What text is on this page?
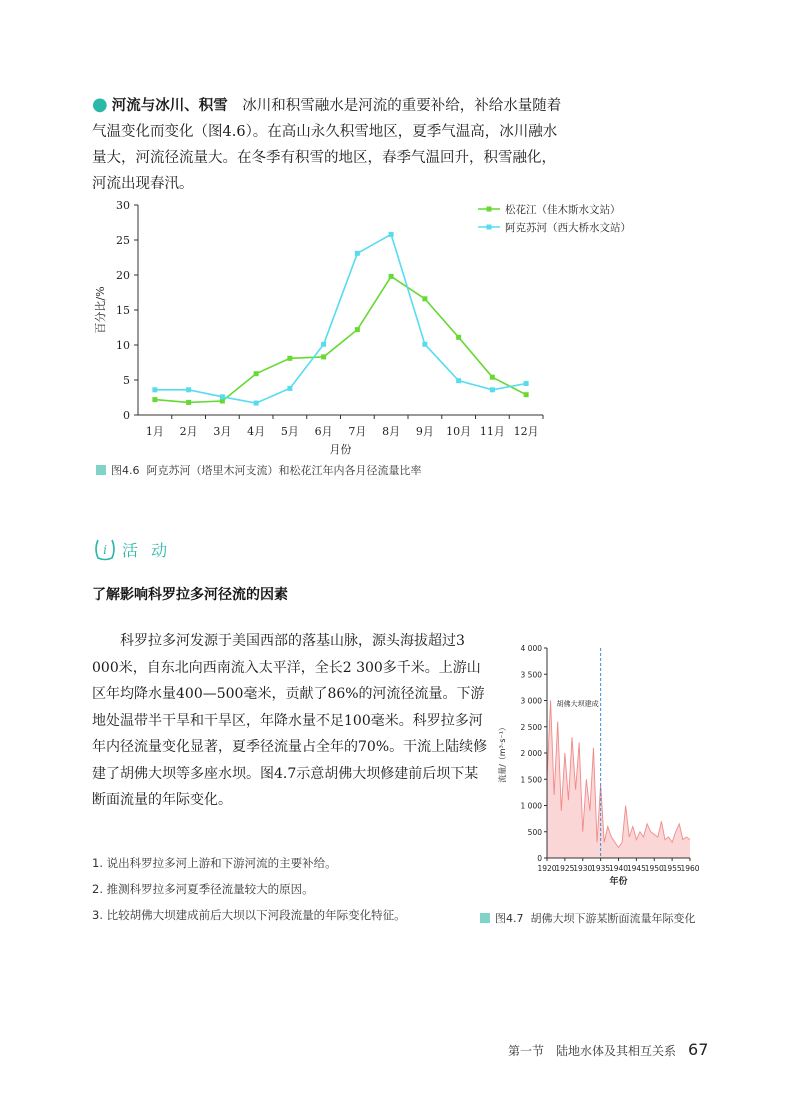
● 河流与冰川、积雪　 冰川和积雪融水是河流的重要补给，补给水量随着气温变化而变化（图4.6）。在高山永久积雪地区，夏季气温高，冰川融水量大，河流径流量大。在冬季有积雪的地区，春季气温回升，积雪融化，河流出现春汛。

0
5
10
15
20
25
30
1月 2月 3月 4月 5月 6月 7月 8月 9月 10月 11月 12月
月份
百分比/%
松花江（佳木斯水文站）
阿克苏河（西大桥水文站）
图4.6
阿克苏河（塔里木河支流）和松花江年内各月径流量比率
i 活 动

了解影响科罗拉多河径流的因素

科罗拉多河发源于美国西部的落基山脉，源头海拔超过3 000米，自东北向西南流入太平洋，全长2 300多千米。上游山区年均降水量400—500毫米，贡献了86%的河流径流量。下游地处温带半干旱和干旱区，年降水量不足100毫米。科罗拉多河年内径流量变化显著，夏季径流量占全年的70%。干流上陆续修建了胡佛大坝等多座水坝。图4.7示意胡佛大坝修建前后坝下某断面流量的年际变化。

1. 说出科罗拉多河上游和下游河流的主要补给。
2. 推测科罗拉多河夏季径流量较大的原因。
3. 比较胡佛大坝建成前后大坝以下河段流量的年际变化特征。
0
500
1 000
1 500
2 000
2 500
3 000
3 500
4 000
1920
1925
1930
1935
1940
1945
1950
1955
1960
年份
流量/（m³·s⁻¹）
胡佛大坝建成
图4.7
胡佛大坝下游某断面流量年际变化
第一节　陆地水体及其相互关系 67
